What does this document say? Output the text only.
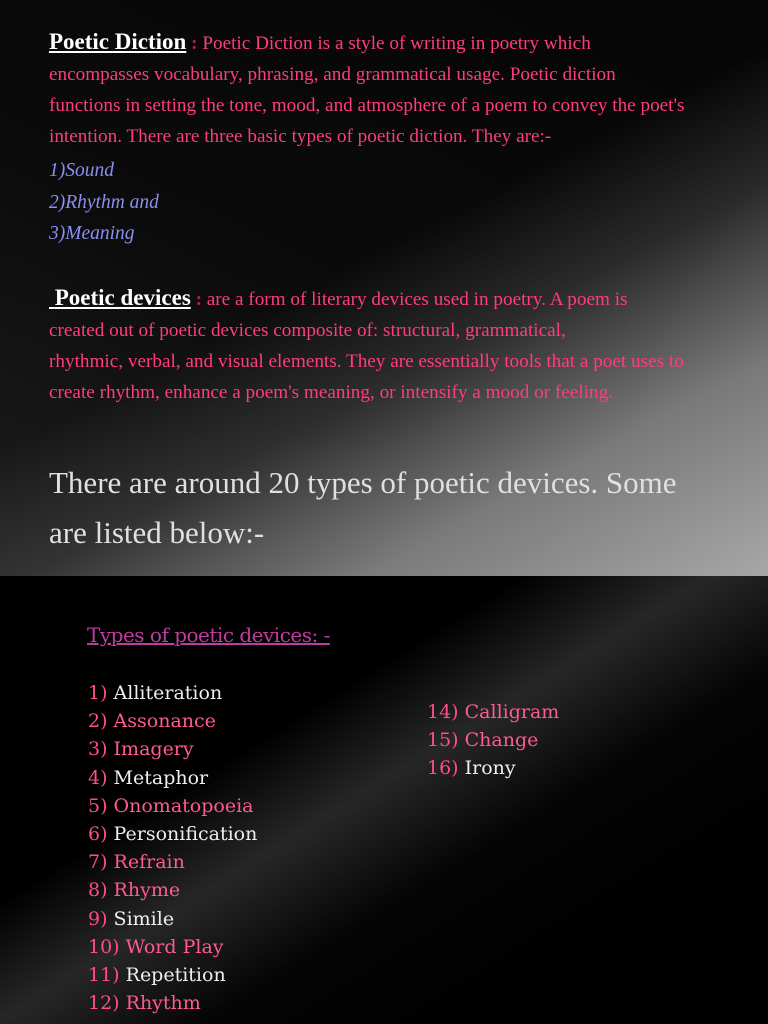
Poetic Diction : Poetic Diction is a style of writing in poetry which
encompasses vocabulary, phrasing, and grammatical usage. Poetic diction
functions in setting the tone, mood, and atmosphere of a poem to convey the poet's
intention. There are three basic types of poetic diction. They are:-

1)Sound
2)Rhythm and
3)Meaning

Poetic devices : are a form of literary devices used in poetry. A poem is
created out of poetic devices composite of: structural, grammatical,
rhythmic, verbal, and visual elements. They are essentially tools that a poet uses to
create rhythm, enhance a poem's meaning, or intensify a mood or feeling.

There are around 20 types of poetic devices. Some
are listed below:-

Types of poetic devices: -

1) Alliteration
2) Assonance
3) Imagery
4) Metaphor
5) Onomatopoeia
6) Personification
7) Refrain
8) Rhyme
9) Simile
10) Word Play
11) Repetition
12) Rhythm
14) Calligram
15) Change
16) Irony
